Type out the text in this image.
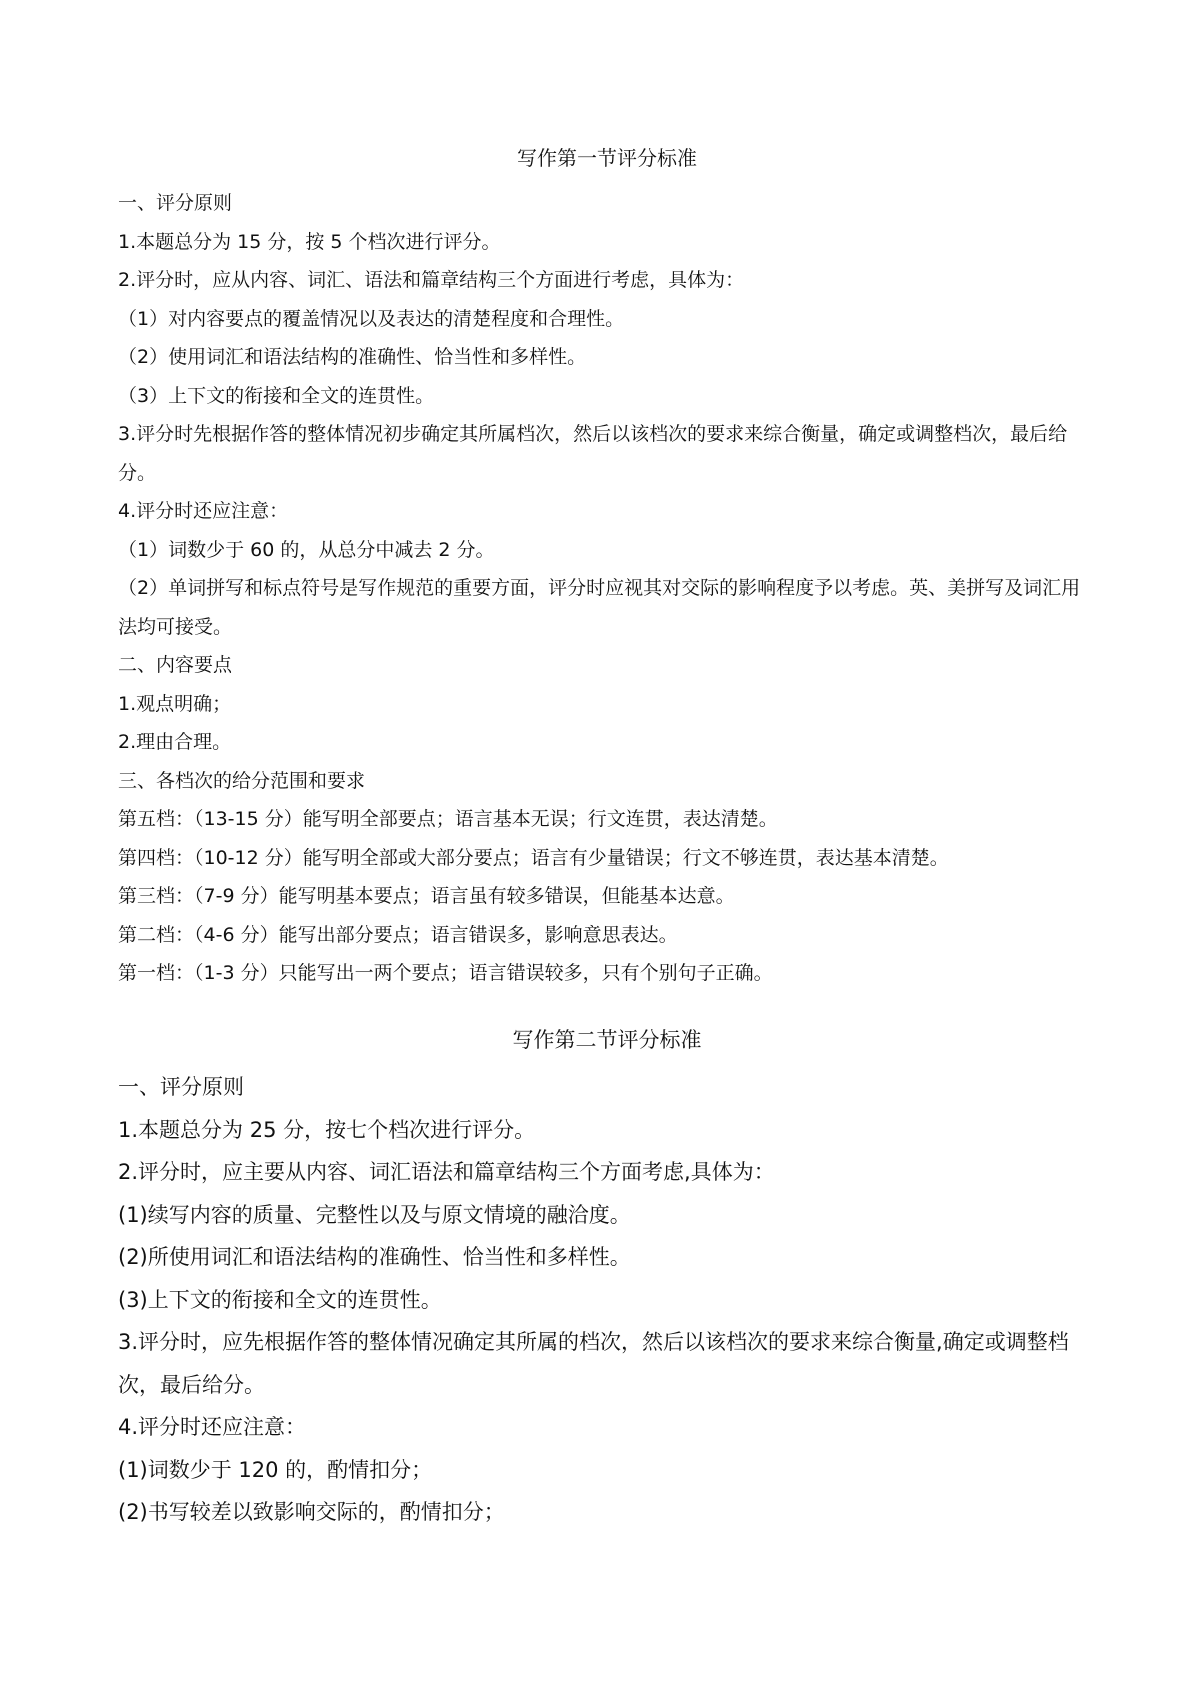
写作第一节评分标准
一、评分原则
1.本题总分为 15 分，按 5 个档次进行评分。
2.评分时，应从内容、词汇、语法和篇章结构三个方面进行考虑，具体为：
（1）对内容要点的覆盖情况以及表达的清楚程度和合理性。
（2）使用词汇和语法结构的准确性、恰当性和多样性。
（3）上下文的衔接和全文的连贯性。
3.评分时先根据作答的整体情况初步确定其所属档次，然后以该档次的要求来综合衡量，确定或调整档次，最后给分。
4.评分时还应注意：
（1）词数少于 60 的，从总分中减去 2 分。
（2）单词拼写和标点符号是写作规范的重要方面，评分时应视其对交际的影响程度予以考虑。英、美拼写及词汇用法均可接受。
二、内容要点
1.观点明确；
2.理由合理。
三、各档次的给分范围和要求
第五档：（13-15 分）能写明全部要点；语言基本无误；行文连贯，表达清楚。
第四档：（10-12 分）能写明全部或大部分要点；语言有少量错误；行文不够连贯，表达基本清楚。
第三档：（7-9 分）能写明基本要点；语言虽有较多错误，但能基本达意。
第二档：（4-6 分）能写出部分要点；语言错误多，影响意思表达。
第一档：（1-3 分）只能写出一两个要点；语言错误较多，只有个别句子正确。
写作第二节评分标准
一、评分原则
1.本题总分为 25 分，按七个档次进行评分。
2.评分时，应主要从内容、词汇语法和篇章结构三个方面考虑,具体为：
(1)续写内容的质量、完整性以及与原文情境的融洽度。
(2)所使用词汇和语法结构的准确性、恰当性和多样性。
(3)上下文的衔接和全文的连贯性。
3.评分时，应先根据作答的整体情况确定其所属的档次，然后以该档次的要求来综合衡量,确定或调整档次，最后给分。
4.评分时还应注意：
(1)词数少于 120 的，酌情扣分；
(2)书写较差以致影响交际的，酌情扣分；
